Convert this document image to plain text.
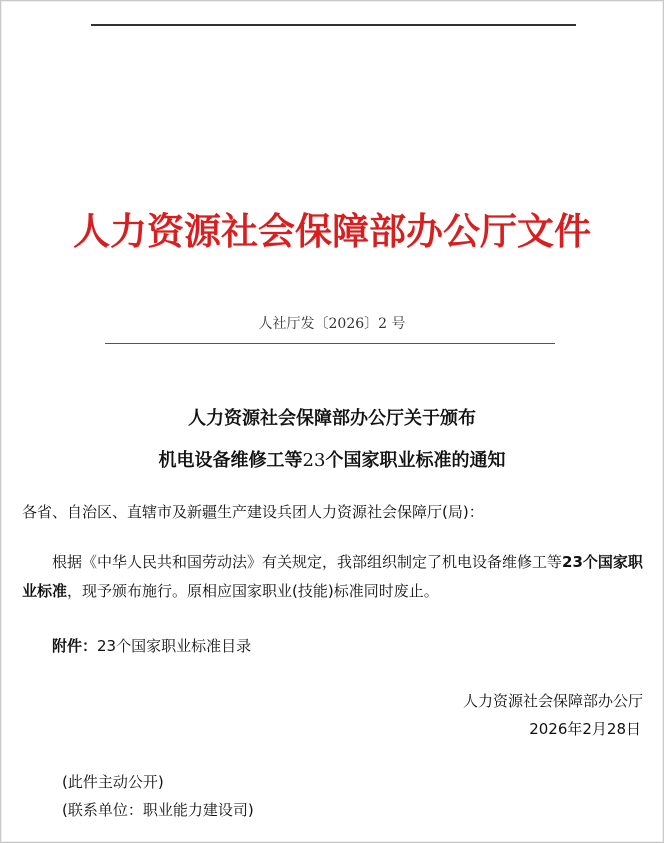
人力资源社会保障部办公厅文件
人社厅发〔2026〕2 号
人力资源社会保障部办公厅关于颁布
机电设备维修工等23个国家职业标准的通知
各省、自治区、直辖市及新疆生产建设兵团人力资源社会保障厅(局)：
根据《中华人民共和国劳动法》有关规定，我部组织制定了机电设备维修工等23个国家职业标准，现予颁布施行。原相应国家职业(技能)标准同时废止。
附件：23个国家职业标准目录
人力资源社会保障部办公厅
2026年2月28日
(此件主动公开)
(联系单位：职业能力建设司)
